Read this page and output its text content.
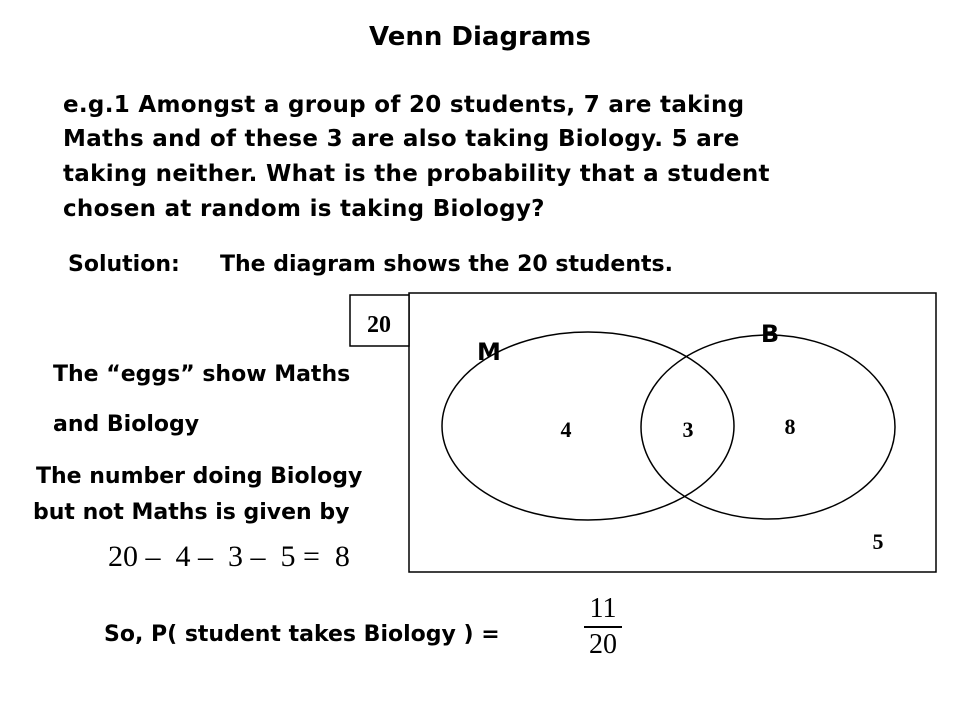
Venn Diagrams
e.g.1 Amongst a group of 20 students, 7 are taking
Maths and of these 3 are also taking Biology. 5 are
taking neither. What is the probability that a student
chosen at random is taking Biology?
Solution: The diagram shows the 20 students.
20
M
B
4	3	8
5
The “eggs” show Maths
and Biology
The number doing Biology
but not Maths is given by
20 –  4 –  3 –  5 =  8
So, P( student takes Biology ) =
11
20
